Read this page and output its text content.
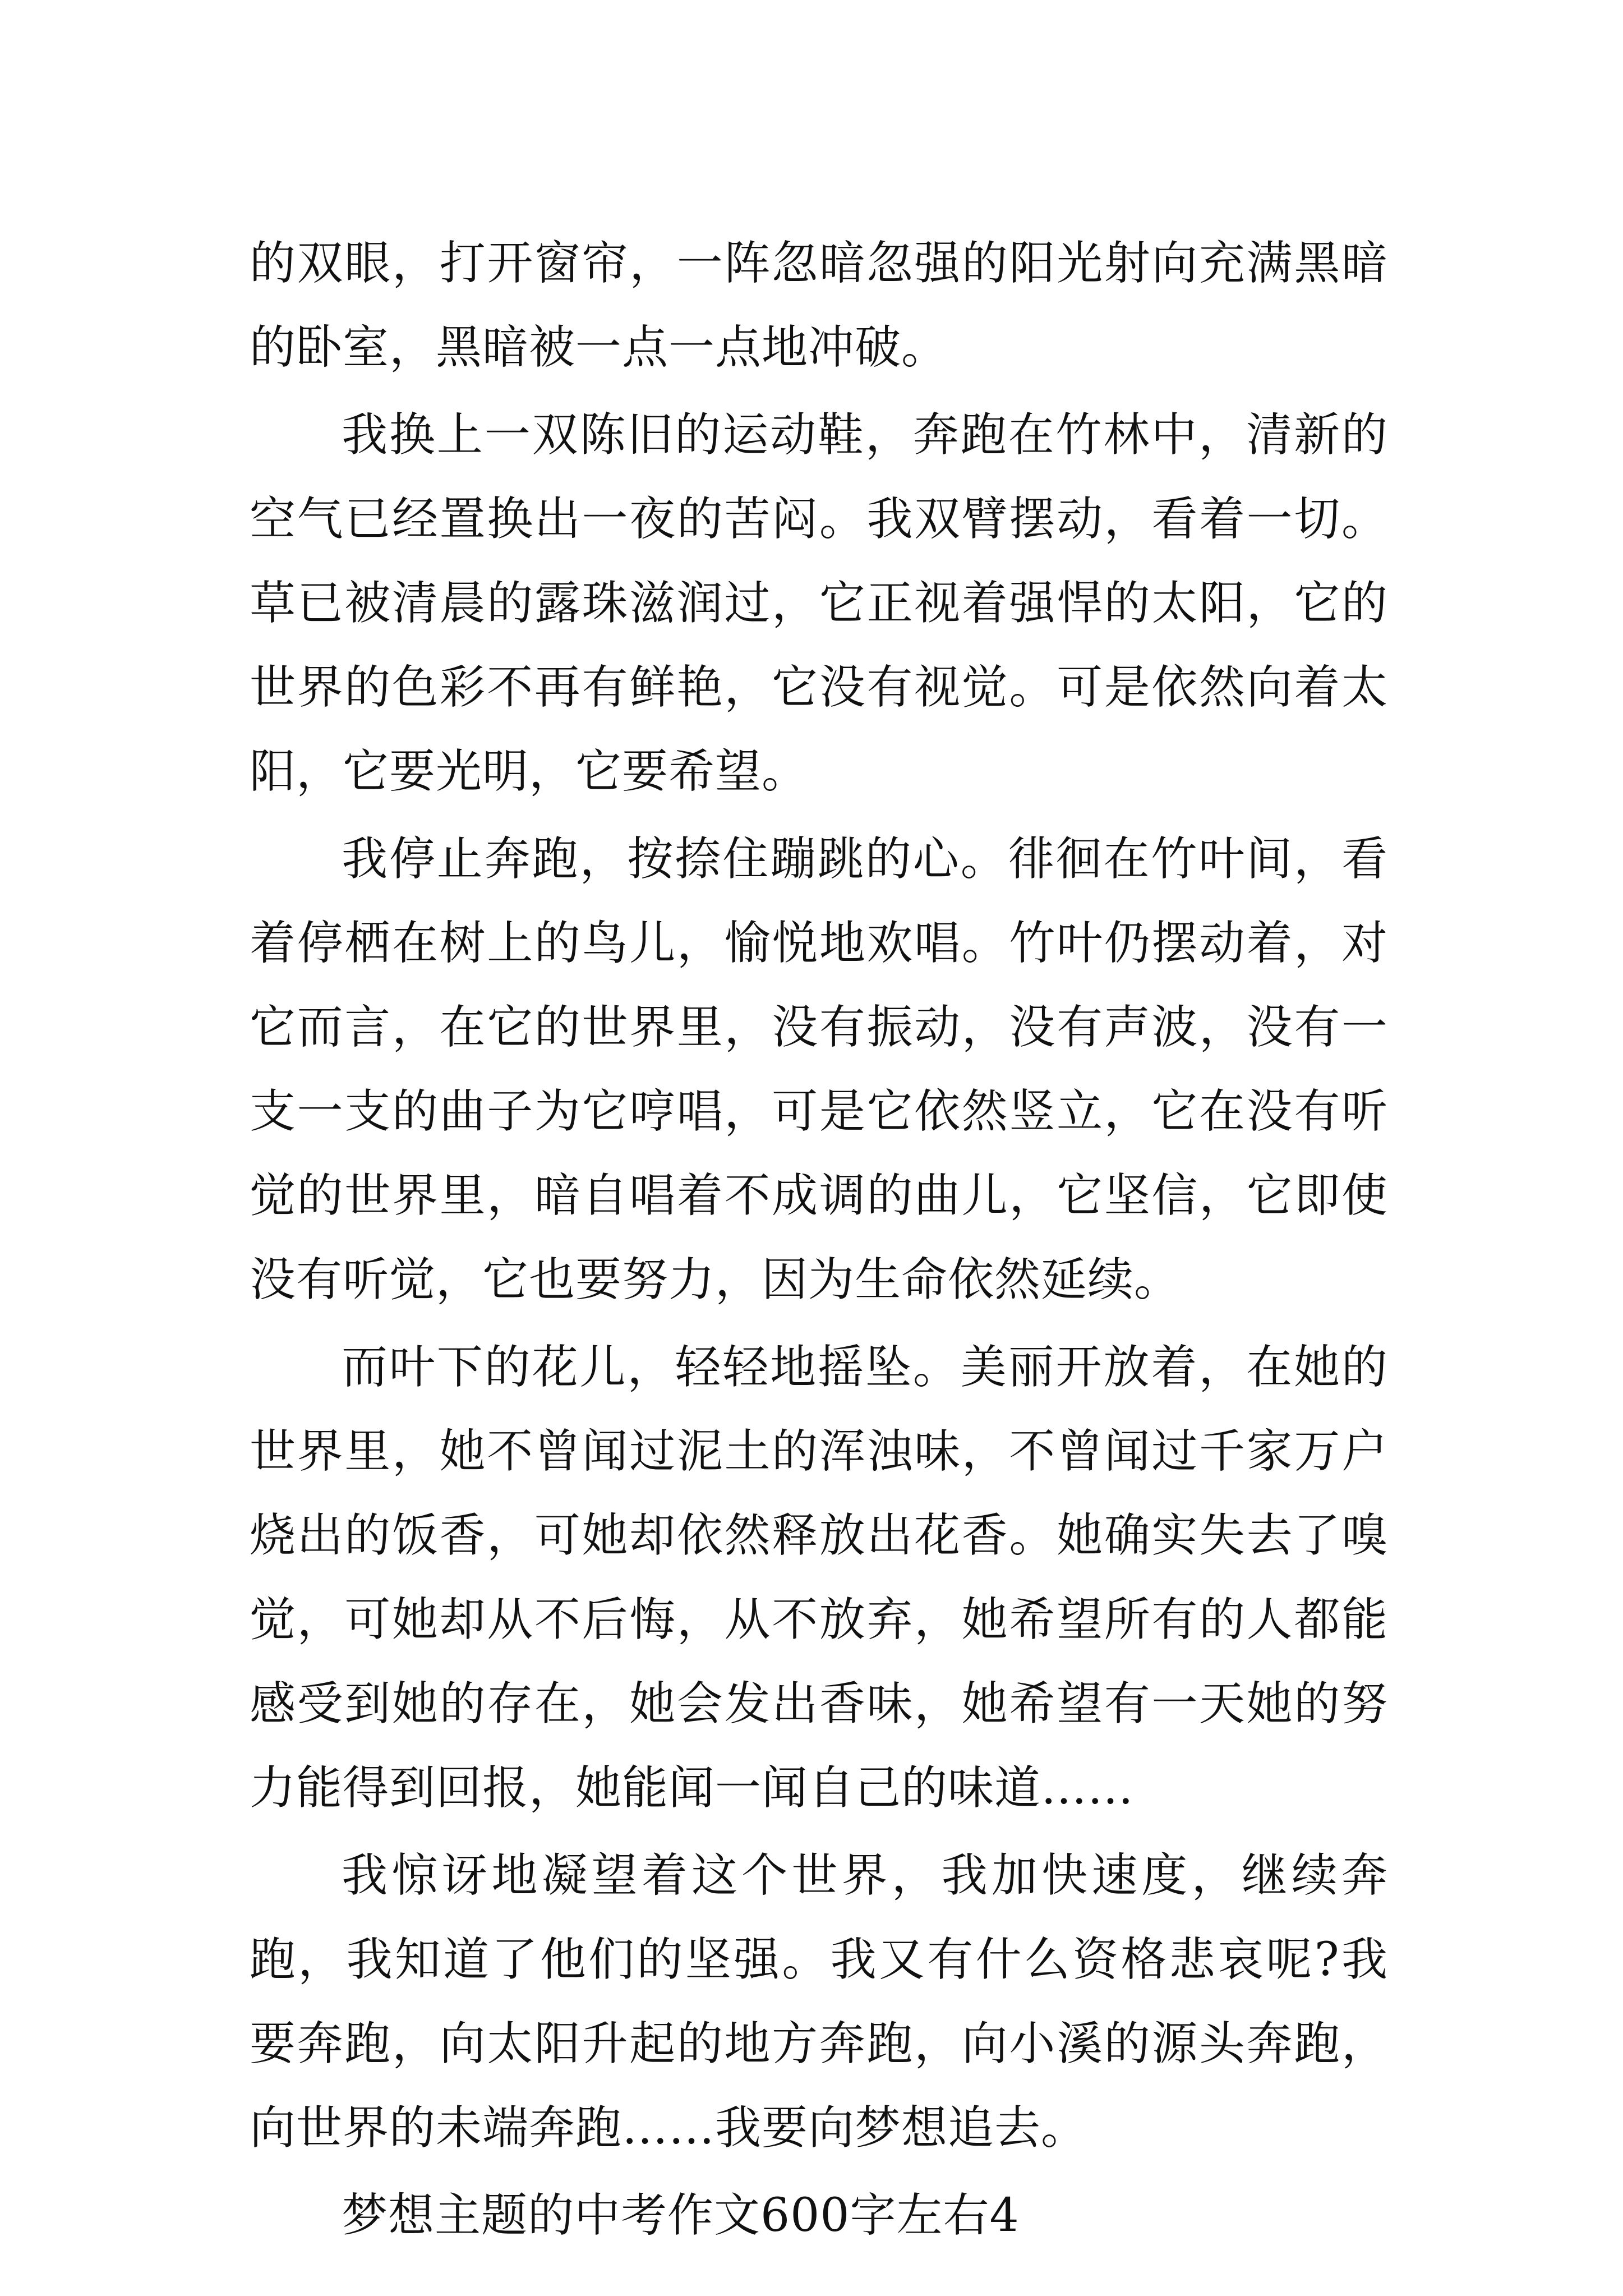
的双眼，打开窗帘，一阵忽暗忽强的阳光射向充满黑暗的卧室，黑暗被一点一点地冲破。

我换上一双陈旧的运动鞋，奔跑在竹林中，清新的空气已经置换出一夜的苦闷。我双臂摆动，看着一切。草已被清晨的露珠滋润过，它正视着强悍的太阳，它的世界的色彩不再有鲜艳，它没有视觉。可是依然向着太阳，它要光明，它要希望。

我停止奔跑，按捺住蹦跳的心。徘徊在竹叶间，看着停栖在树上的鸟儿，愉悦地欢唱。竹叶仍摆动着，对它而言，在它的世界里，没有振动，没有声波，没有一支一支的曲子为它哼唱，可是它依然竖立，它在没有听觉的世界里，暗自唱着不成调的曲儿，它坚信，它即使没有听觉，它也要努力，因为生命依然延续。

而叶下的花儿，轻轻地摇坠。美丽开放着，在她的世界里，她不曾闻过泥土的浑浊味，不曾闻过千家万户烧出的饭香，可她却依然释放出花香。她确实失去了嗅觉，可她却从不后悔，从不放弃，她希望所有的人都能感受到她的存在，她会发出香味，她希望有一天她的努力能得到回报，她能闻一闻自己的味道……

我惊讶地凝望着这个世界，我加快速度，继续奔跑，我知道了他们的坚强。我又有什么资格悲哀呢?我要奔跑，向太阳升起的地方奔跑，向小溪的源头奔跑，向世界的未端奔跑……我要向梦想追去。

梦想主题的中考作文600字左右4
